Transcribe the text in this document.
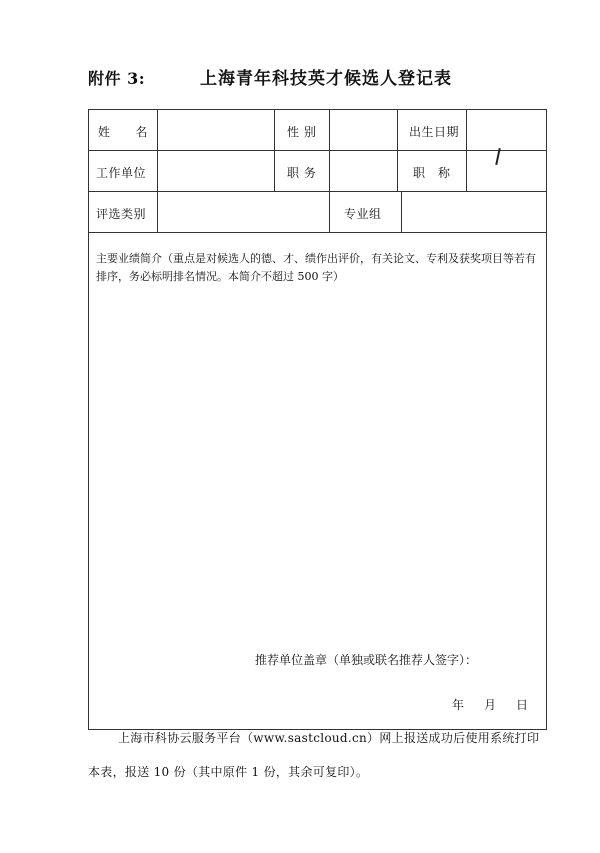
附件 3:	上海青年科技英才候选人登记表
姓　　名	性 别	出生日期
工作单位	职 务	职　称
评选类别	专业组
主要业绩简介（重点是对候选人的德、才、绩作出评价，有关论文、专利及获奖项目等若有排序，务必标明排名情况。本简介不超过 500 字）
推荐单位盖章（单独或联名推荐人签字）：
年 月 日
上海市科协云服务平台（www.sastcloud.cn）网上报送成功后使用系统打印
本表，报送 10 份（其中原件 1 份，其余可复印）。
